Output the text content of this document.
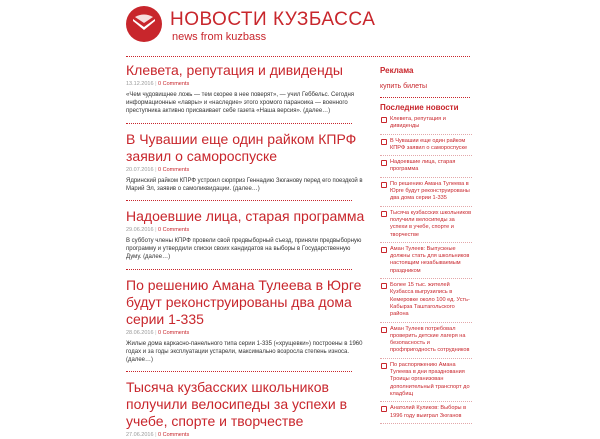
НОВОСТИ КУЗБАССА
news from kuzbass
Клевета, репутация и дивиденды
13.12.2016 | 0 Comments
«Чем чудовищнее ложь — тем скорее в нее поверят», — учил Геббельс. Сегодня информационные «лавры» и «наследие» этого хромого параноика — военного преступника активно присваивает себе газета «Наша версия». (далее…)
В Чувашии еще один райком КПРФ заявил о самороспуске
20.07.2016 | 0 Comments
Ядринский райком КПРФ устроил сюрприз Геннадию Зюганову перед его поездкой в Марий Эл, заявив о самоликвидации. (далее…)
Надоевшие лица, старая программа
29.06.2016 | 0 Comments
В субботу члены КПРФ провели свой предвыборный съезд, приняли предвыборную программу и утвердили списки своих кандидатов на выборы в Государственную Думу. (далее…)
По решению Амана Тулеева в Юрге будут реконструированы два дома серии 1-335
28.06.2016 | 0 Comments
Жилые дома каркасно-панельного типа серии 1-335 («хрущевки») построены в 1960 годах и за годы эксплуатации устарели, максимально возросла степень износа. (далее…)
Тысяча кузбасских школьников получили велосипеды за успехи в учебе, спорте и творчестве
27.06.2016 | 0 Comments
Реклама
купить билеты
Последние новости
Клевета, репутация и дивиденды
В Чувашии еще один райком КПРФ заявил о самороспуске
Надоевшие лица, старая программа
По решению Амана Тулеева в Юрге будут реконструированы два дома серии 1-335
Тысяча кузбасских школьников получили велосипеды за успехи в учебе, спорте и творчестве
Аман Тулеев: Выпускные должны стать для школьников настоящим незабываемым праздником
Более 15 тыс. жителей Кузбасса выгрузились в Кемеровке около 100 ед. Усть-Кабырза Таштагольского района
Аман Тулеев потребовал проверить детские лагеря на безопасность и профпригодность сотрудников
По распоряжению Амана Тулеева в дни празднования Троицы организован дополнительный транспорт до кладбищ
Анатолий Куликов: Выборы в 1996 году выиграл Зюганов
